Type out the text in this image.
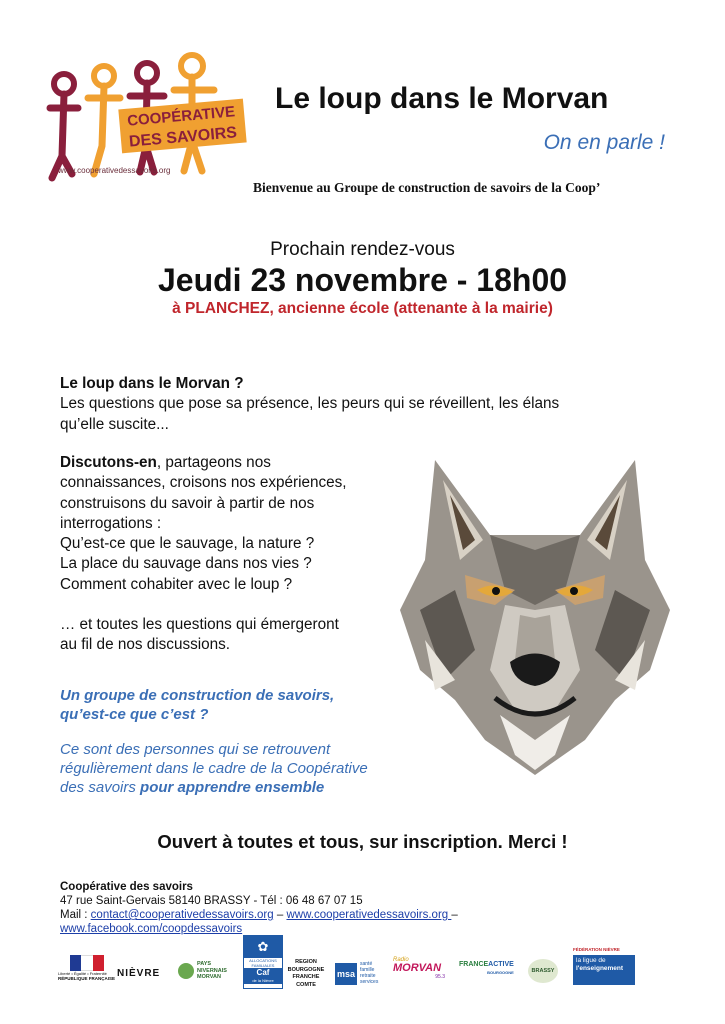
COOPÉRATIVE
DES SAVOIRS
www.cooperativedessavoirs.org
Le loup dans le Morvan
On en parle !
Bienvenue au Groupe de construction de savoirs de la Coop’
Prochain rendez-vous
Jeudi 23 novembre - 18h00
à PLANCHEZ, ancienne école (attenante à la mairie)
Le loup dans le Morvan ?
Les questions que pose sa présence, les peurs qui se réveillent, les élans
qu’elle suscite...
Discutons-en, partageons nos
connaissances, croisons nos expériences,
construisons du savoir à partir de nos
interrogations :
Qu’est-ce que le sauvage, la nature ?
La place du sauvage dans nos vies ?
Comment cohabiter avec le loup ?
… et toutes les questions qui émergeront
au fil de nos discussions.
Un groupe de construction de savoirs,
qu’est-ce que c’est ?
Ce sont des personnes qui se retrouvent
régulièrement dans le cadre de la Coopérative
des savoirs pour apprendre ensemble
Ouvert à toutes et tous, sur inscription. Merci !
Coopérative des savoirs
47 rue Saint-Gervais 58140 BRASSY - Tél : 06 48 67 07 15
Mail : contact@cooperativedessavoirs.org – www.cooperativedessavoirs.org –
www.facebook.com/coopdessavoirs
Liberté • Égalité • Fraternité
RÉPUBLIQUE FRANÇAISE NIÈVRE
PAYS
NIVERNAIS
MORVAN
✿
ALLOCATIONS FAMILIALES
Caf
de la Nièvre
REGION
BOURGOGNE
FRANCHE
COMTE
msa
santé
famille
retraite
services
Radio
MORVAN
95.3
FRANCEACTIVE
BOURGOGNE	BRASSY
FÉDÉRATION NIÈVRE
la ligue de
l'enseignement
